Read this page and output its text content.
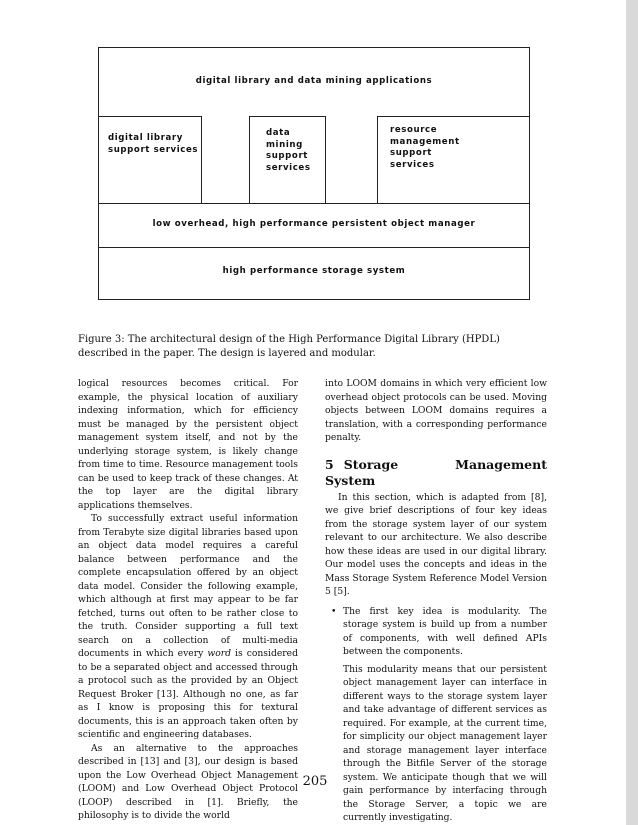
digital library and data mining applications
digital library
support services
data
mining
support
services
resource
management
support
services
low overhead, high performance persistent object manager
high performance storage system
Figure 3: The architectural design of the High Performance Digital Library (HPDL) described in the paper. The design is layered and modular.

logical resources becomes critical. For example, the physical location of auxiliary indexing information, which for efficiency must be managed by the persistent object management system itself, and not by the underlying storage system, is likely change from time to time. Resource management tools can be used to keep track of these changes. At the top layer are the digital library applications themselves.

To successfully extract useful information from Terabyte size digital libraries based upon an object data model requires a careful balance between performance and the complete encapsulation offered by an object data model. Consider the following example, which although at first may appear to be far fetched, turns out often to be rather close to the truth. Consider supporting a full text search on a collection of multi-media documents in which every word is considered to be a separated object and accessed through a protocol such as the provided by an Object Request Broker [13]. Although no one, as far as I know is proposing this for textural documents, this is an approach taken often by scientific and engineering databases.

As an alternative to the approaches described in [13] and [3], our design is based upon the Low Overhead Object Management (LOOM) and Low Overhead Object Protocol (LOOP) described in [1]. Briefly, the philosophy is to divide the world

into LOOM domains in which very efficient low overhead object protocols can be used. Moving objects between LOOM domains requires a translation, with a corresponding performance penalty.

5 Storage Management System

In this section, which is adapted from [8], we give brief descriptions of four key ideas from the storage system layer of our system relevant to our architecture. We also describe how these ideas are used in our digital library. Our model uses the concepts and ideas in the Mass Storage System Reference Model Version 5 [5].

• The first key idea is modularity. The storage system is build up from a number of components, with well defined APIs between the components.

This modularity means that our persistent object management layer can interface in different ways to the storage system layer and take advantage of different services as required. For example, at the current time, for simplicity our object management layer and storage management layer interface through the Bitfile Server of the storage system. We anticipate though that we will gain performance by interfacing through the Storage Server, a topic we are currently investigating.

205
